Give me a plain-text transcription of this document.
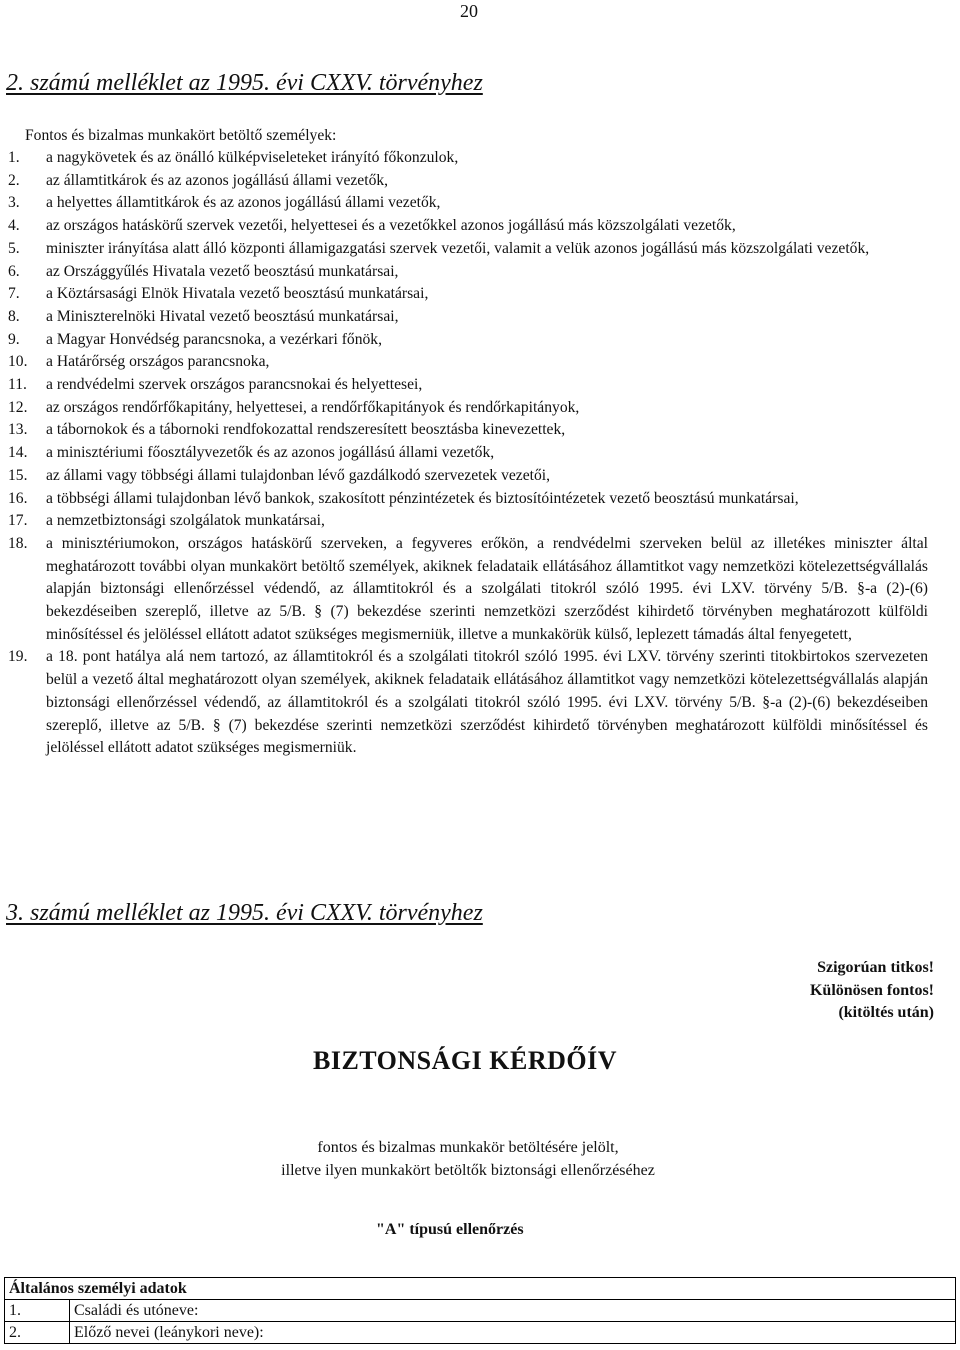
20
2. számú melléklet az 1995. évi CXXV. törvényhez
Fontos és bizalmas munkakört betöltő személyek:
1. a nagykövetek és az önálló külképviseleteket irányító főkonzulok,
2. az államtitkárok és az azonos jogállású állami vezetők,
3. a helyettes államtitkárok és az azonos jogállású állami vezetők,
4. az országos hatáskörű szervek vezetői, helyettesei és a vezetőkkel azonos jogállású más közszolgálati vezetők,
5. miniszter irányítása alatt álló központi államigazgatási szervek vezetői, valamit a velük azonos jogállású más közszolgálati vezetők,
6. az Országgyűlés Hivatala vezető beosztású munkatársai,
7. a Köztársasági Elnök Hivatala vezető beosztású munkatársai,
8. a Miniszterelnöki Hivatal vezető beosztású munkatársai,
9. a Magyar Honvédség parancsnoka, a vezérkari főnök,
10. a Határőrség országos parancsnoka,
11. a rendvédelmi szervek országos parancsnokai és helyettesei,
12. az országos rendőrfőkapitány, helyettesei, a rendőrfőkapitányok és rendőrkapitányok,
13. a tábornokok és a tábornoki rendfokozattal rendszeresített beosztásba kinevezettek,
14. a minisztériumi főosztályvezetők és az azonos jogállású állami vezetők,
15. az állami vagy többségi állami tulajdonban lévő gazdálkodó szervezetek vezetői,
16. a többségi állami tulajdonban lévő bankok, szakosított pénzintézetek és biztosítóintézetek vezető beosztású munkatársai,
17. a nemzetbiztonsági szolgálatok munkatársai,
18. a minisztériumokon, országos hatáskörű szerveken, a fegyveres erőkön, a rendvédelmi szerveken belül az illetékes miniszter által meghatározott további olyan munkakört betöltő személyek, akiknek feladataik ellátásához államtitkot vagy nemzetközi kötelezettségvállalás alapján biztonsági ellenőrzéssel védendő, az államtitokról és a szolgálati titokról szóló 1995. évi LXV. törvény 5/B. §-a (2)-(6) bekezdéseiben szereplő, illetve az 5/B. § (7) bekezdése szerinti nemzetközi szerződést kihirdető törvényben meghatározott külföldi minősítéssel és jelöléssel ellátott adatot szükséges megismerniük, illetve a munkakörük külső, leplezett támadás által fenyegetett,
19. a 18. pont hatálya alá nem tartozó, az államtitokról és a szolgálati titokról szóló 1995. évi LXV. törvény szerinti titokbirtokos szervezeten belül a vezető által meghatározott olyan személyek, akiknek feladataik ellátásához államtitkot vagy nemzetközi kötelezettségvállalás alapján biztonsági ellenőrzéssel védendő, az államtitokról és a szolgálati titokról szóló 1995. évi LXV. törvény 5/B. §-a (2)-(6) bekezdéseiben szereplő, illetve az 5/B. § (7) bekezdése szerinti nemzetközi szerződést kihirdető törvényben meghatározott külföldi minősítéssel és jelöléssel ellátott adatot szükséges megismerniük.
3. számú melléklet az 1995. évi CXXV. törvényhez
Szigorúan titkos!
Különösen fontos!
(kitöltés után)
BIZTONSÁGI KÉRDŐÍV
fontos és bizalmas munkakör betöltésére jelölt,
illetve ilyen munkakört betöltők biztonsági ellenőrzéséhez
"A" típusú ellenőrzés
Általános személyi adatok	
1.	Családi és utóneve:
2.	Előző nevei (leánykori neve):
